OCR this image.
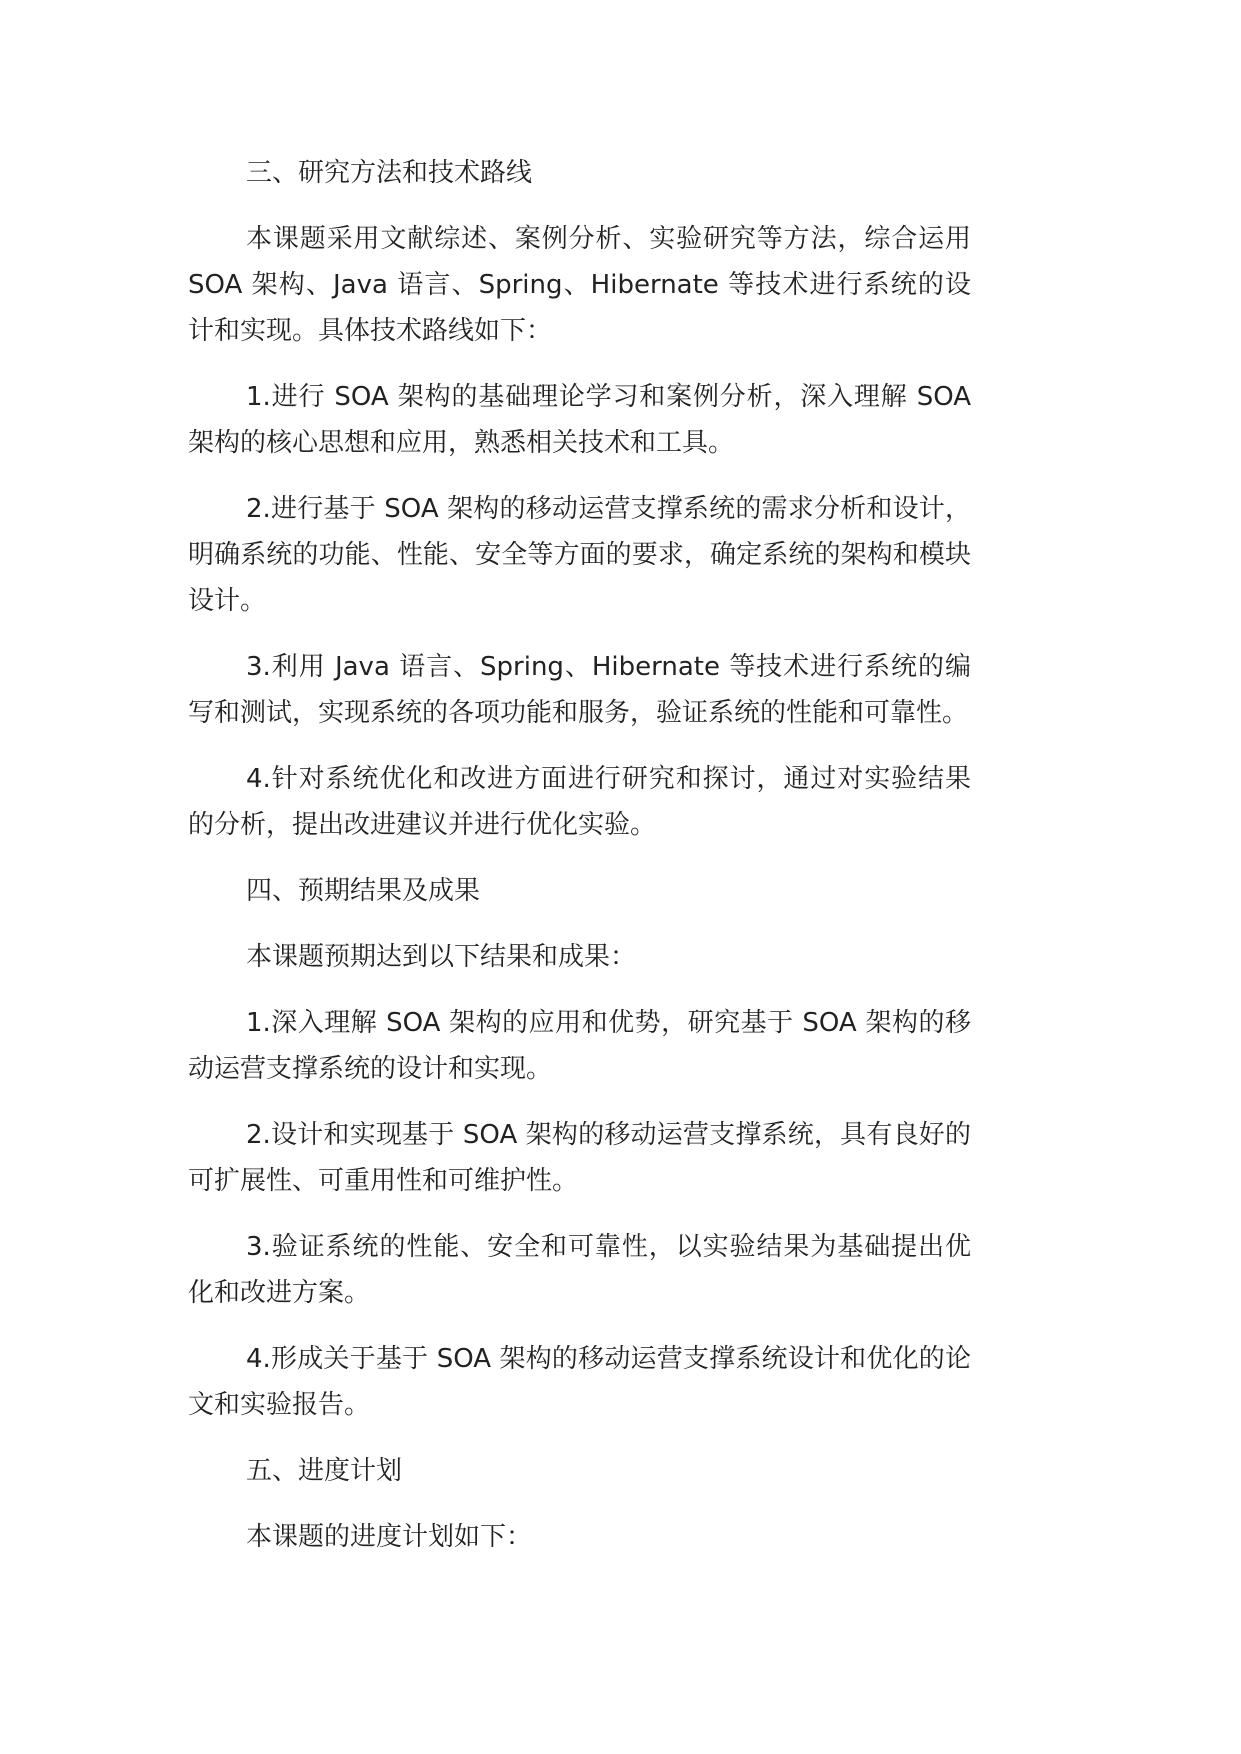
三、研究方法和技术路线

本课题采用文献综述、案例分析、实验研究等方法，综合运用 SOA 架构、Java 语言、Spring、Hibernate 等技术进行系统的设计和实现。具体技术路线如下：

1.进行 SOA 架构的基础理论学习和案例分析，深入理解 SOA 架构的核心思想和应用，熟悉相关技术和工具。

2.进行基于 SOA 架构的移动运营支撑系统的需求分析和设计，明确系统的功能、性能、安全等方面的要求，确定系统的架构和模块设计。

3.利用 Java 语言、Spring、Hibernate 等技术进行系统的编写和测试，实现系统的各项功能和服务，验证系统的性能和可靠性。

4.针对系统优化和改进方面进行研究和探讨，通过对实验结果的分析，提出改进建议并进行优化实验。

四、预期结果及成果

本课题预期达到以下结果和成果：

1.深入理解 SOA 架构的应用和优势，研究基于 SOA 架构的移动运营支撑系统的设计和实现。

2.设计和实现基于 SOA 架构的移动运营支撑系统，具有良好的可扩展性、可重用性和可维护性。

3.验证系统的性能、安全和可靠性，以实验结果为基础提出优化和改进方案。

4.形成关于基于 SOA 架构的移动运营支撑系统设计和优化的论文和实验报告。

五、进度计划

本课题的进度计划如下：
